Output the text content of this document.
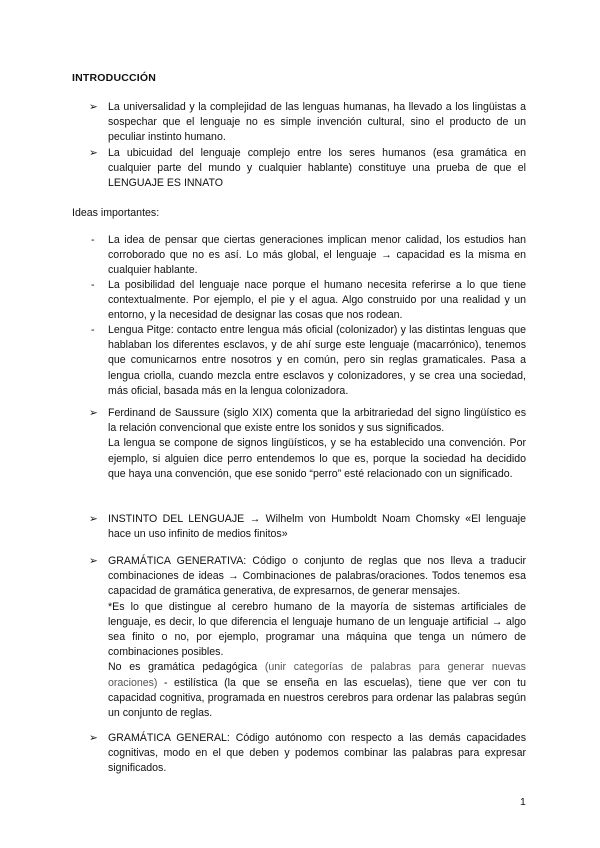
INTRODUCCIÓN
➢ La universalidad y la complejidad de las lenguas humanas, ha llevado a los lingüistas a sospechar que el lenguaje no es simple invención cultural, sino el producto de un peculiar instinto humano.

➢ La ubicuidad del lenguaje complejo entre los seres humanos (esa gramática en cualquier parte del mundo y cualquier hablante) constituye una prueba de que el LENGUAJE ES INNATO

Ideas importantes:

- La idea de pensar que ciertas generaciones implican menor calidad, los estudios han corroborado que no es así. Lo más global, el lenguaje → capacidad es la misma en cualquier hablante.

- La posibilidad del lenguaje nace porque el humano necesita referirse a lo que tiene contextualmente. Por ejemplo, el pie y el agua. Algo construido por una realidad y un entorno, y la necesidad de designar las cosas que nos rodean.

- Lengua Pitge: contacto entre lengua más oficial (colonizador) y las distintas lenguas que hablaban los diferentes esclavos, y de ahí surge este lenguaje (macarrónico), tenemos que comunicarnos entre nosotros y en común, pero sin reglas gramaticales. Pasa a lengua criolla, cuando mezcla entre esclavos y colonizadores, y se crea una sociedad, más oficial, basada más en la lengua colonizadora.

➢ Ferdinand de Saussure (siglo XIX) comenta que la arbitrariedad del signo lingüístico es la relación convencional que existe entre los sonidos y sus significados.

La lengua se compone de signos lingüísticos, y se ha establecido una convención. Por ejemplo, si alguien dice perro entendemos lo que es, porque la sociedad ha decidido que haya una convención, que ese sonido “perro” esté relacionado con un significado.

➢ INSTINTO DEL LENGUAJE → Wilhelm von Humboldt Noam Chomsky «El lenguaje hace un uso infinito de medios finitos»

➢ GRAMÁTICA GENERATIVA: Código o conjunto de reglas que nos lleva a traducir combinaciones de ideas → Combinaciones de palabras/oraciones. Todos tenemos esa capacidad de gramática generativa, de expresarnos, de generar mensajes.

*Es lo que distingue al cerebro humano de la mayoría de sistemas artificiales de lenguaje, es decir, lo que diferencia el lenguaje humano de un lenguaje artificial → algo sea finito o no, por ejemplo, programar una máquina que tenga un número de combinaciones posibles.

No es gramática pedagógica (unir categorías de palabras para generar nuevas oraciones) - estilística (la que se enseña en las escuelas), tiene que ver con tu capacidad cognitiva, programada en nuestros cerebros para ordenar las palabras según un conjunto de reglas.

➢ GRAMÁTICA GENERAL: Código autónomo con respecto a las demás capacidades cognitivas, modo en el que deben y podemos combinar las palabras para expresar significados.

1
